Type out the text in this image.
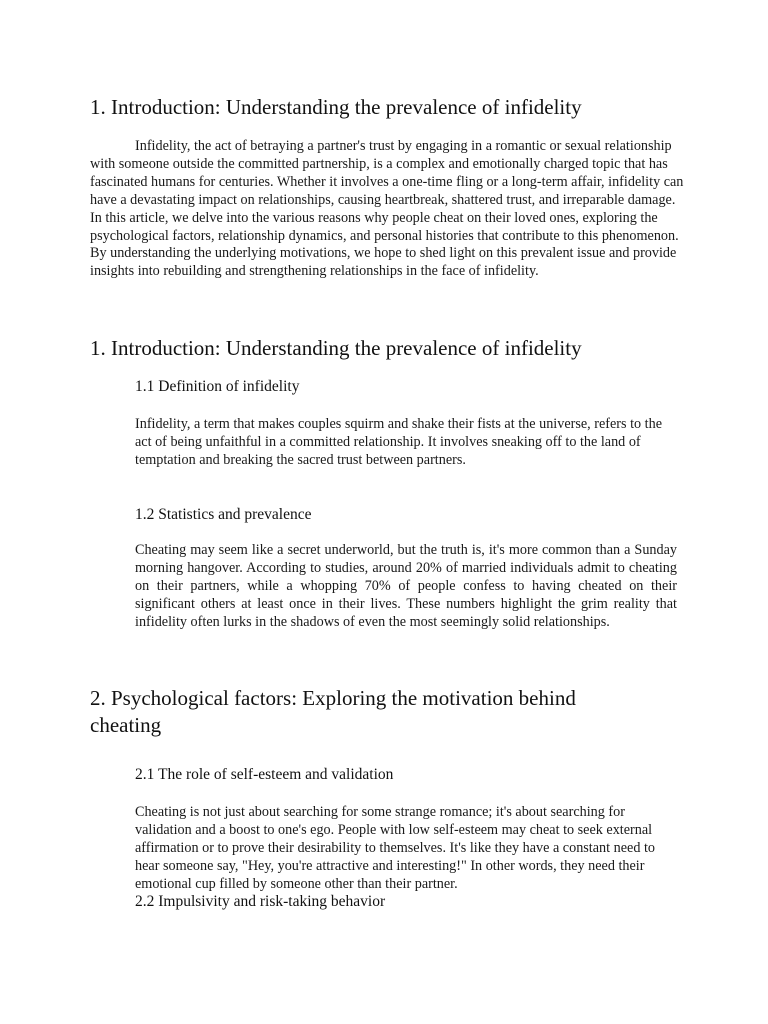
1. Introduction: Understanding the prevalence of infidelity

Infidelity, the act of betraying a partner's trust by engaging in a romantic or sexual relationship with someone outside the committed partnership, is a complex and emotionally charged topic that has fascinated humans for centuries. Whether it involves a one-time fling or a long-term affair, infidelity can have a devastating impact on relationships, causing heartbreak, shattered trust, and irreparable damage. In this article, we delve into the various reasons why people cheat on their loved ones, exploring the psychological factors, relationship dynamics, and personal histories that contribute to this phenomenon. By understanding the underlying motivations, we hope to shed light on this prevalent issue and provide insights into rebuilding and strengthening relationships in the face of infidelity.

1. Introduction: Understanding the prevalence of infidelity
1.1 Definition of infidelity

Infidelity, a term that makes couples squirm and shake their fists at the universe, refers to the act of being unfaithful in a committed relationship. It involves sneaking off to the land of temptation and breaking the sacred trust between partners.

1.2 Statistics and prevalence

Cheating may seem like a secret underworld, but the truth is, it's more common than a Sunday morning hangover. According to studies, around 20% of married individuals admit to cheating on their partners, while a whopping 70% of people confess to having cheated on their significant others at least once in their lives. These numbers highlight the grim reality that infidelity often lurks in the shadows of even the most seemingly solid relationships.

2. Psychological factors: Exploring the motivation behind cheating
2.1 The role of self-esteem and validation

Cheating is not just about searching for some strange romance; it's about searching for validation and a boost to one's ego. People with low self-esteem may cheat to seek external affirmation or to prove their desirability to themselves. It's like they have a constant need to hear someone say, "Hey, you're attractive and interesting!" In other words, they need their emotional cup filled by someone other than their partner.

2.2 Impulsivity and risk-taking behavior
